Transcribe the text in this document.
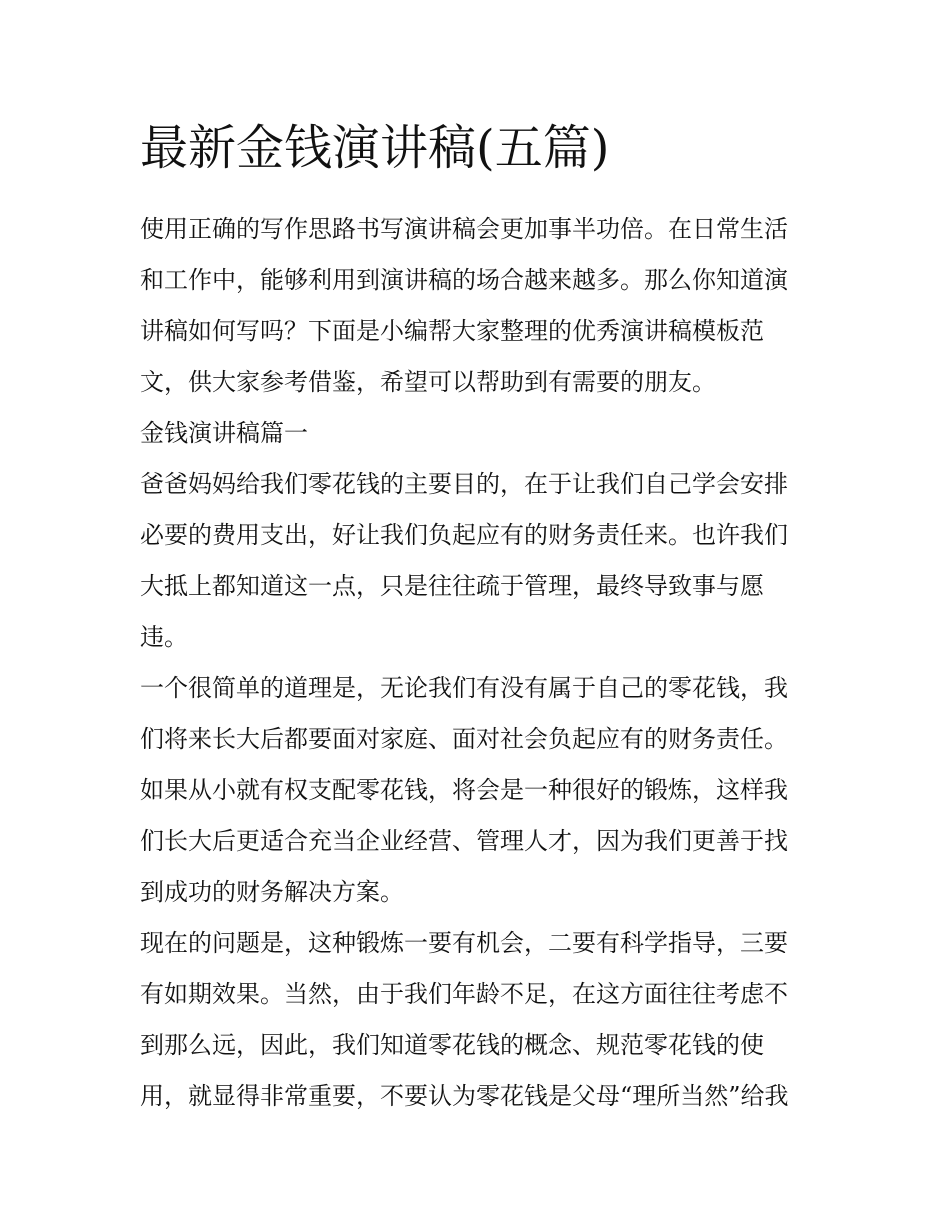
最新金钱演讲稿(五篇)
使用正确的写作思路书写演讲稿会更加事半功倍。在日常生活
和工作中，能够利用到演讲稿的场合越来越多。那么你知道演
讲稿如何写吗？下面是小编帮大家整理的优秀演讲稿模板范
文，供大家参考借鉴，希望可以帮助到有需要的朋友。
金钱演讲稿篇一
爸爸妈妈给我们零花钱的主要目的，在于让我们自己学会安排
必要的费用支出，好让我们负起应有的财务责任来。也许我们
大抵上都知道这一点，只是往往疏于管理，最终导致事与愿
违。
一个很简单的道理是，无论我们有没有属于自己的零花钱，我
们将来长大后都要面对家庭、面对社会负起应有的财务责任。
如果从小就有权支配零花钱，将会是一种很好的锻炼，这样我
们长大后更适合充当企业经营、管理人才，因为我们更善于找
到成功的财务解决方案。
现在的问题是，这种锻炼一要有机会，二要有科学指导，三要
有如期效果。当然，由于我们年龄不足，在这方面往往考虑不
到那么远，因此，我们知道零花钱的概念、规范零花钱的使
用，就显得非常重要，不要认为零花钱是父母“理所当然”给我
